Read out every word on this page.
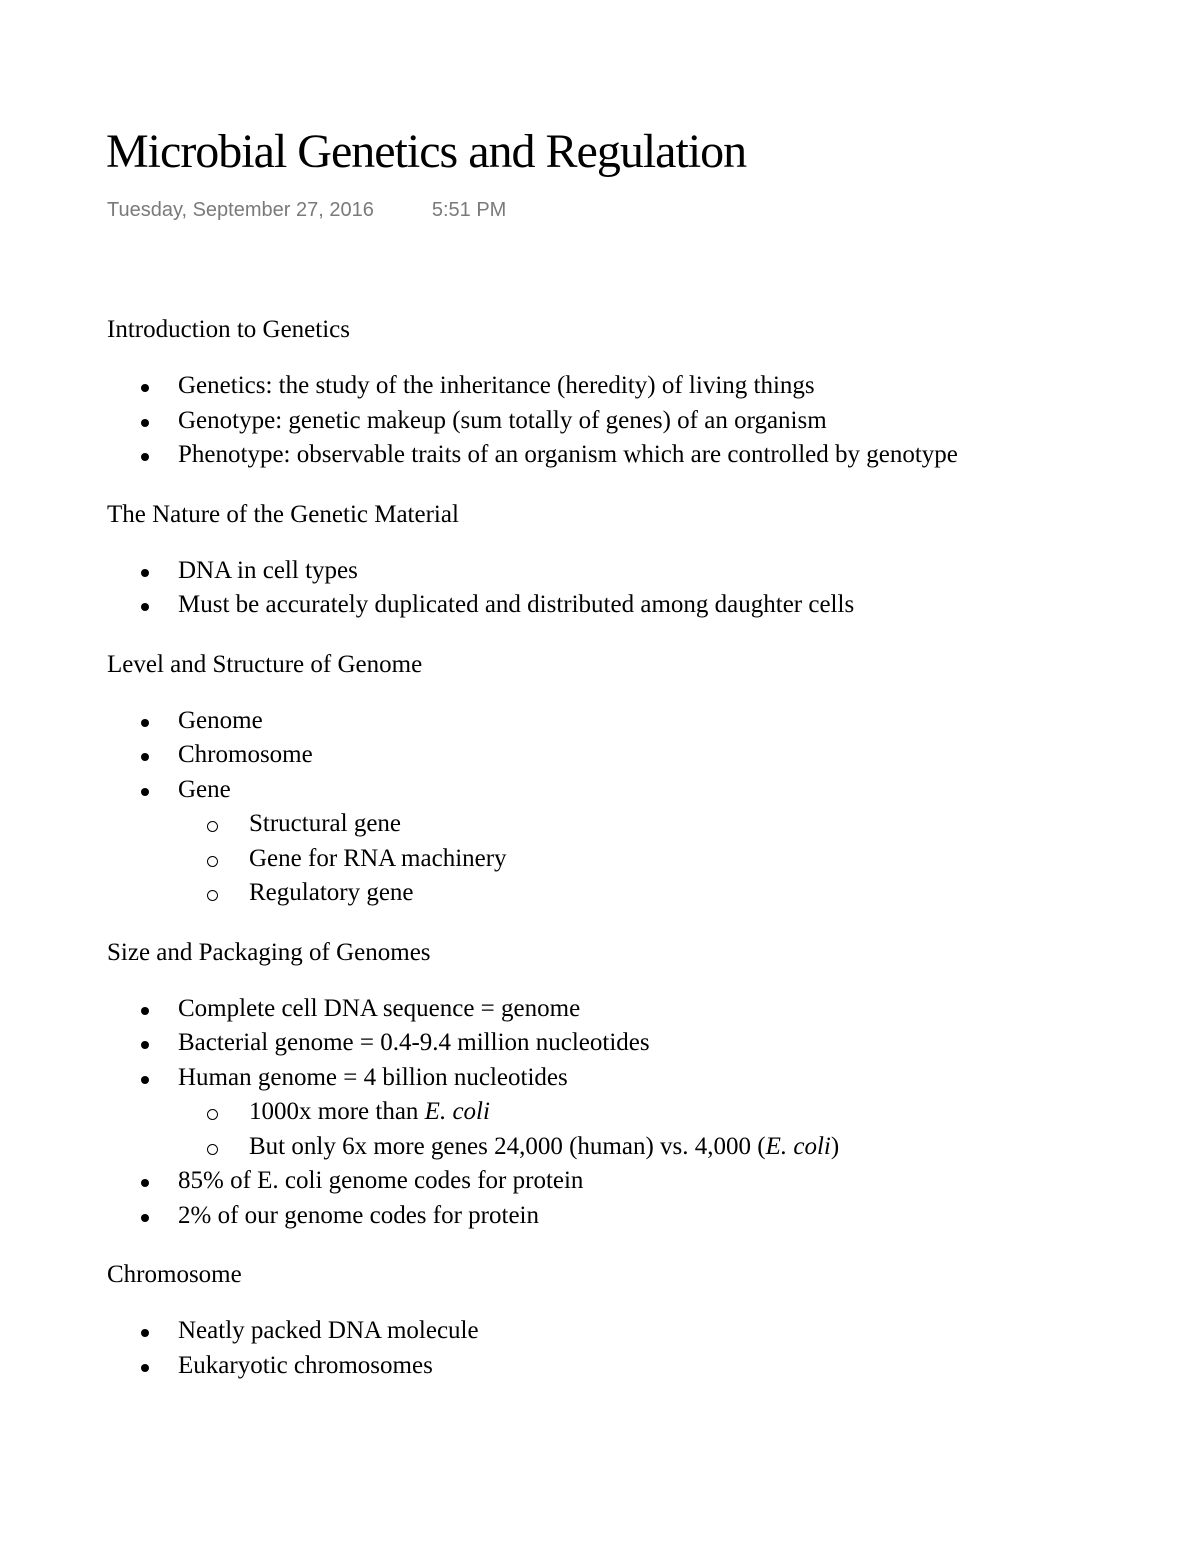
Microbial Genetics and Regulation
Tuesday, September 27, 2016	5:51 PM
Introduction to Genetics
Genetics: the study of the inheritance (heredity) of living things
Genotype: genetic makeup (sum totally of genes) of an organism
Phenotype: observable traits of an organism which are controlled by genotype
The Nature of the Genetic Material
DNA in cell types
Must be accurately duplicated and distributed among daughter cells
Level and Structure of Genome
Genome
Chromosome
Gene
Structural gene
Gene for RNA machinery
Regulatory gene
Size and Packaging of Genomes
Complete cell DNA sequence = genome
Bacterial genome = 0.4-9.4 million nucleotides
Human genome = 4 billion nucleotides
1000x more than E. coli
But only 6x more genes 24,000 (human) vs. 4,000 (E. coli)
85% of E. coli genome codes for protein
2% of our genome codes for protein
Chromosome
Neatly packed DNA molecule
Eukaryotic chromosomes
